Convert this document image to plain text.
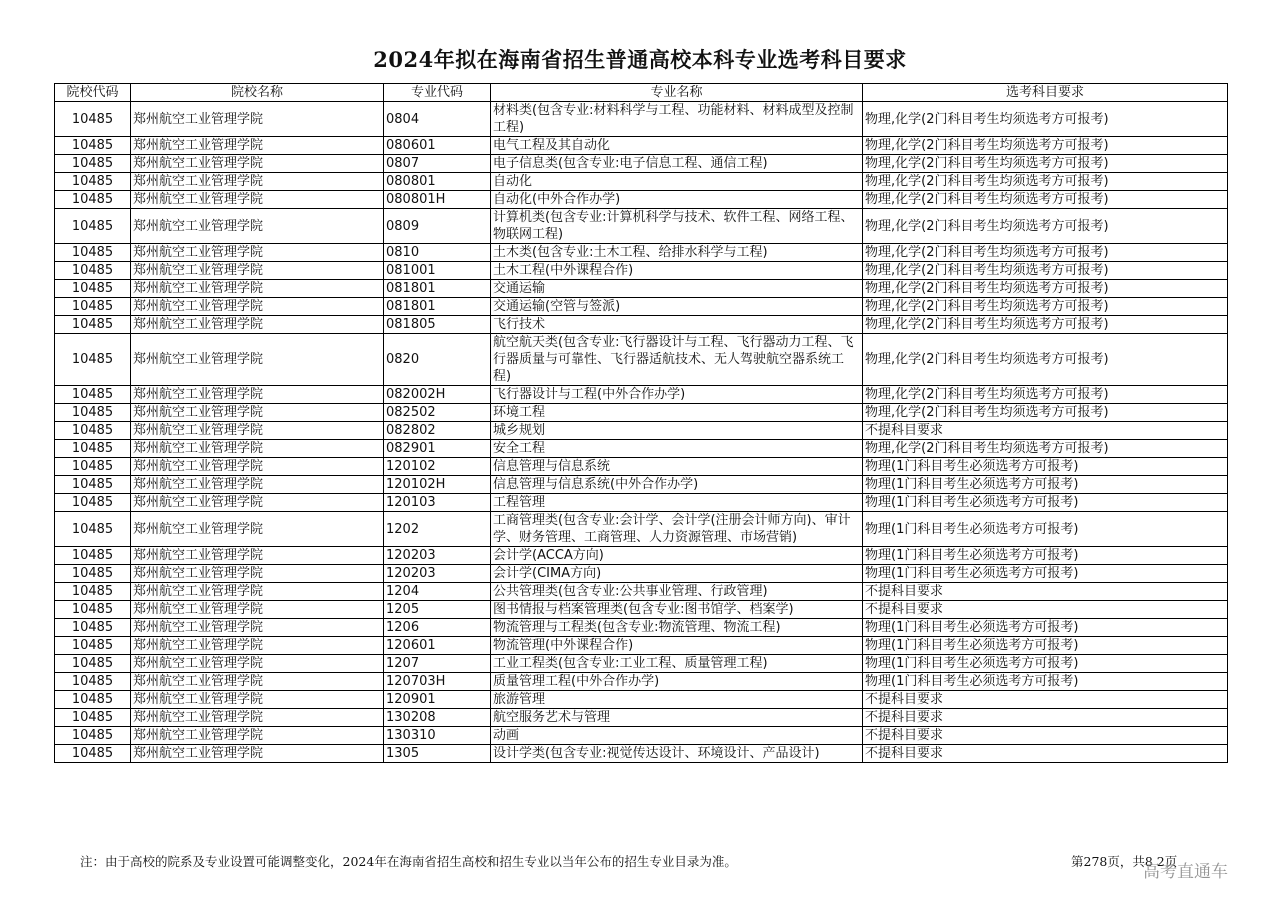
2024年拟在海南省招生普通高校本科专业选考科目要求
院校代码	院校名称	专业代码	专业名称	选考科目要求
10485	郑州航空工业管理学院	0804	材料类(包含专业:材料科学与工程、功能材料、材料成型及控制工程)	物理,化学(2门科目考生均须选考方可报考)
10485	郑州航空工业管理学院	080601	电气工程及其自动化	物理,化学(2门科目考生均须选考方可报考)
10485	郑州航空工业管理学院	0807	电子信息类(包含专业:电子信息工程、通信工程)	物理,化学(2门科目考生均须选考方可报考)
10485	郑州航空工业管理学院	080801	自动化	物理,化学(2门科目考生均须选考方可报考)
10485	郑州航空工业管理学院	080801H	自动化(中外合作办学)	物理,化学(2门科目考生均须选考方可报考)
10485	郑州航空工业管理学院	0809	计算机类(包含专业:计算机科学与技术、软件工程、网络工程、物联网工程)	物理,化学(2门科目考生均须选考方可报考)
10485	郑州航空工业管理学院	0810	土木类(包含专业:土木工程、给排水科学与工程)	物理,化学(2门科目考生均须选考方可报考)
10485	郑州航空工业管理学院	081001	土木工程(中外课程合作)	物理,化学(2门科目考生均须选考方可报考)
10485	郑州航空工业管理学院	081801	交通运输	物理,化学(2门科目考生均须选考方可报考)
10485	郑州航空工业管理学院	081801	交通运输(空管与签派)	物理,化学(2门科目考生均须选考方可报考)
10485	郑州航空工业管理学院	081805	飞行技术	物理,化学(2门科目考生均须选考方可报考)
10485	郑州航空工业管理学院	0820	航空航天类(包含专业:飞行器设计与工程、飞行器动力工程、飞行器质量与可靠性、飞行器适航技术、无人驾驶航空器系统工程)	物理,化学(2门科目考生均须选考方可报考)
10485	郑州航空工业管理学院	082002H	飞行器设计与工程(中外合作办学)	物理,化学(2门科目考生均须选考方可报考)
10485	郑州航空工业管理学院	082502	环境工程	物理,化学(2门科目考生均须选考方可报考)
10485	郑州航空工业管理学院	082802	城乡规划	不提科目要求
10485	郑州航空工业管理学院	082901	安全工程	物理,化学(2门科目考生均须选考方可报考)
10485	郑州航空工业管理学院	120102	信息管理与信息系统	物理(1门科目考生必须选考方可报考)
10485	郑州航空工业管理学院	120102H	信息管理与信息系统(中外合作办学)	物理(1门科目考生必须选考方可报考)
10485	郑州航空工业管理学院	120103	工程管理	物理(1门科目考生必须选考方可报考)
10485	郑州航空工业管理学院	1202	工商管理类(包含专业:会计学、会计学(注册会计师方向)、审计学、财务管理、工商管理、人力资源管理、市场营销)	物理(1门科目考生必须选考方可报考)
10485	郑州航空工业管理学院	120203	会计学(ACCA方向)	物理(1门科目考生必须选考方可报考)
10485	郑州航空工业管理学院	120203	会计学(CIMA方向)	物理(1门科目考生必须选考方可报考)
10485	郑州航空工业管理学院	1204	公共管理类(包含专业:公共事业管理、行政管理)	不提科目要求
10485	郑州航空工业管理学院	1205	图书情报与档案管理类(包含专业:图书馆学、档案学)	不提科目要求
10485	郑州航空工业管理学院	1206	物流管理与工程类(包含专业:物流管理、物流工程)	物理(1门科目考生必须选考方可报考)
10485	郑州航空工业管理学院	120601	物流管理(中外课程合作)	物理(1门科目考生必须选考方可报考)
10485	郑州航空工业管理学院	1207	工业工程类(包含专业:工业工程、质量管理工程)	物理(1门科目考生必须选考方可报考)
10485	郑州航空工业管理学院	120703H	质量管理工程(中外合作办学)	物理(1门科目考生必须选考方可报考)
10485	郑州航空工业管理学院	120901	旅游管理	不提科目要求
10485	郑州航空工业管理学院	130208	航空服务艺术与管理	不提科目要求
10485	郑州航空工业管理学院	130310	动画	不提科目要求
10485	郑州航空工业管理学院	1305	设计学类(包含专业:视觉传达设计、环境设计、产品设计)	不提科目要求
注：由于高校的院系及专业设置可能调整变化，2024年在海南省招生高校和招生专业以当年公布的招生专业目录为准。	第278页，共8 2页
高考直通车
